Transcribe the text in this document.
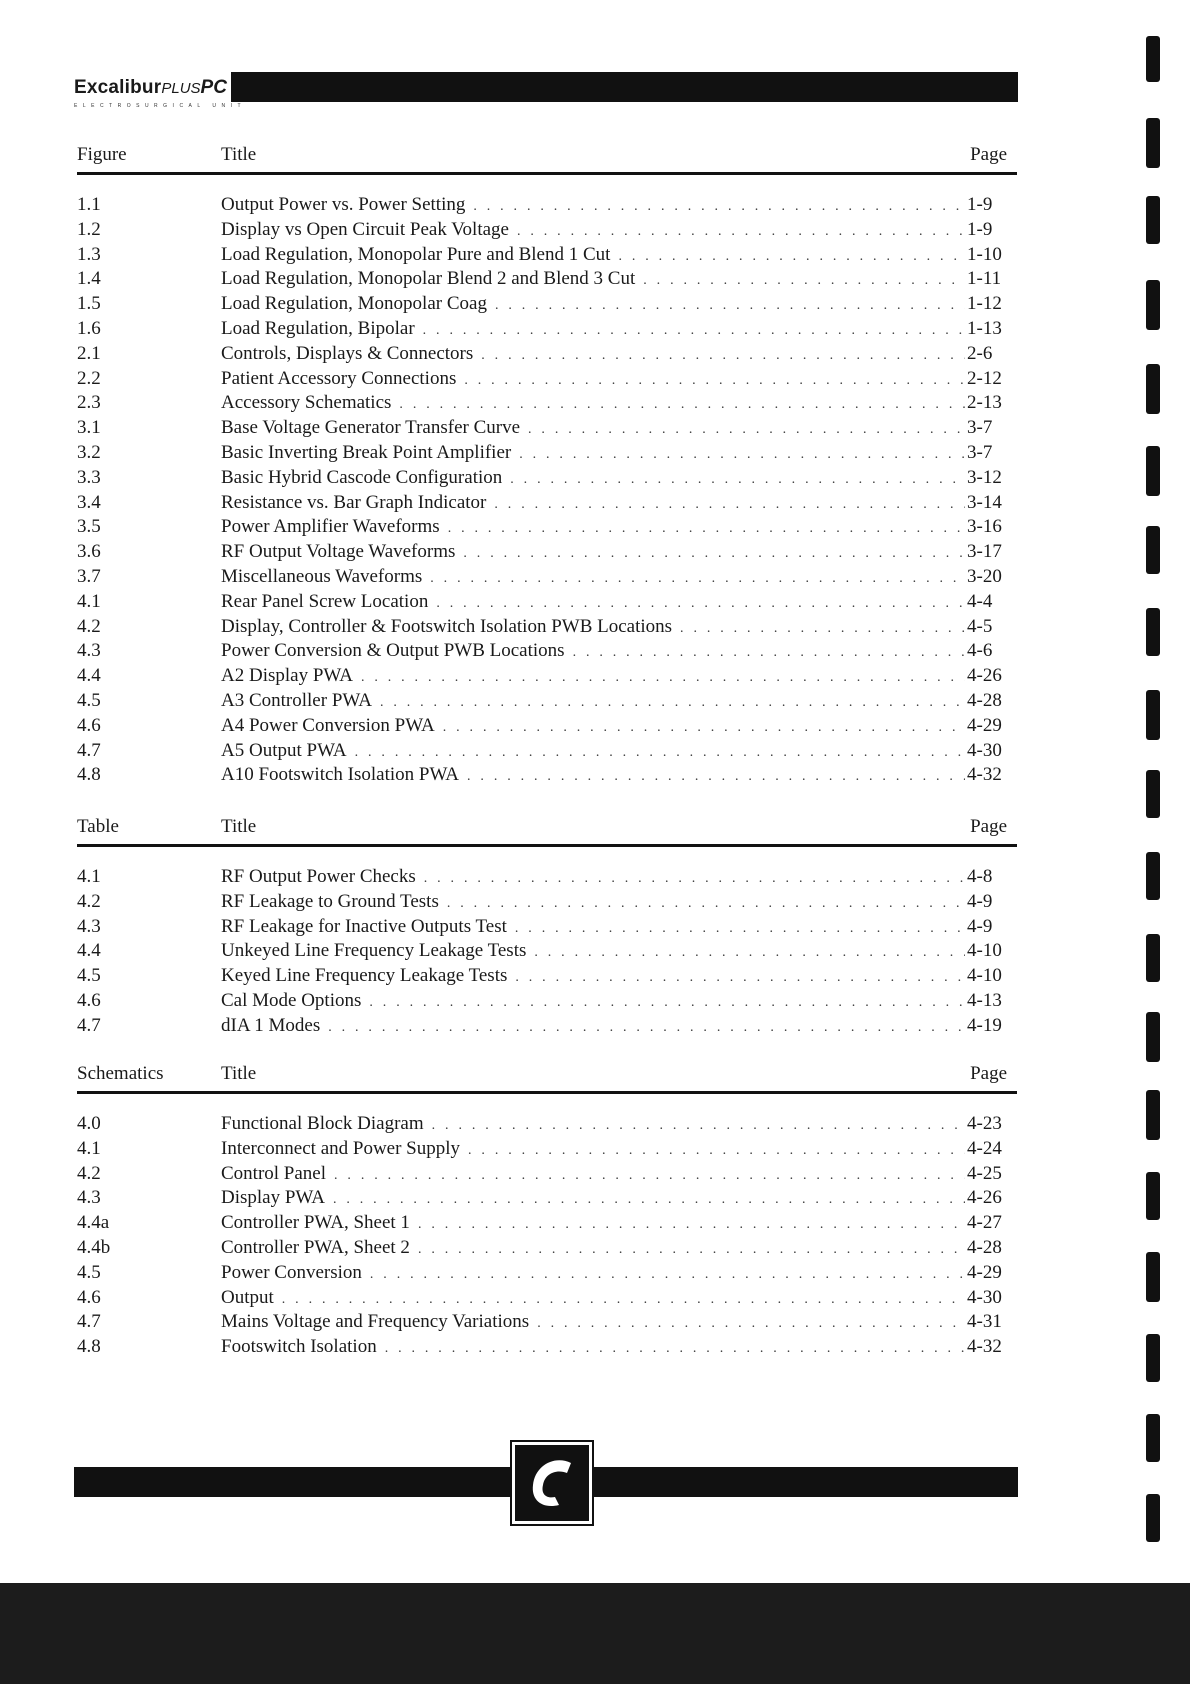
ExcaliburPLUSPC
ELECTROSURGICAL UNIT
Figure	Title	Page
1.1	Output Power vs. Power Setting . . .	1-9
1.2	Display vs Open Circuit Peak Voltage . . .	1-9
1.3	Load Regulation, Monopolar Pure and Blend 1 Cut . . .	1-10
1.4	Load Regulation, Monopolar Blend 2 and Blend 3 Cut . . .	1-11
1.5	Load Regulation, Monopolar Coag . . .	1-12
1.6	Load Regulation, Bipolar . . .	1-13
2.1	Controls, Displays & Connectors . . .	2-6
2.2	Patient Accessory Connections . . .	2-12
2.3	Accessory Schematics . . .	2-13
3.1	Base Voltage Generator Transfer Curve . . .	3-7
3.2	Basic Inverting Break Point Amplifier . . .	3-7
3.3	Basic Hybrid Cascode Configuration . . .	3-12
3.4	Resistance vs. Bar Graph Indicator . . .	3-14
3.5	Power Amplifier Waveforms . . .	3-16
3.6	RF Output Voltage Waveforms . . .	3-17
3.7	Miscellaneous Waveforms . . .	3-20
4.1	Rear Panel Screw Location . . .	4-4
4.2	Display, Controller & Footswitch Isolation PWB Locations . . .	4-5
4.3	Power Conversion & Output PWB Locations . . .	4-6
4.4	A2 Display PWA . . .	4-26
4.5	A3 Controller PWA . . .	4-28
4.6	A4 Power Conversion PWA . . .	4-29
4.7	A5 Output PWA . . .	4-30
4.8	A10 Footswitch Isolation PWA . . .	4-32
Table	Title	Page
4.1	RF Output Power Checks . . .	4-8
4.2	RF Leakage to Ground Tests . . .	4-9
4.3	RF Leakage for Inactive Outputs Test . . .	4-9
4.4	Unkeyed Line Frequency Leakage Tests . . .	4-10
4.5	Keyed Line Frequency Leakage Tests . . .	4-10
4.6	Cal Mode Options . . .	4-13
4.7	dIA 1 Modes . . .	4-19
Schematics	Title	Page
4.0	Functional Block Diagram . . .	4-23
4.1	Interconnect and Power Supply . . .	4-24
4.2	Control Panel . . .	4-25
4.3	Display PWA . . .	4-26
4.4a	Controller PWA, Sheet 1 . . .	4-27
4.4b	Controller PWA, Sheet 2 . . .	4-28
4.5	Power Conversion . . .	4-29
4.6	Output . . .	4-30
4.7	Mains Voltage and Frequency Variations . . .	4-31
4.8	Footswitch Isolation . . .	4-32
